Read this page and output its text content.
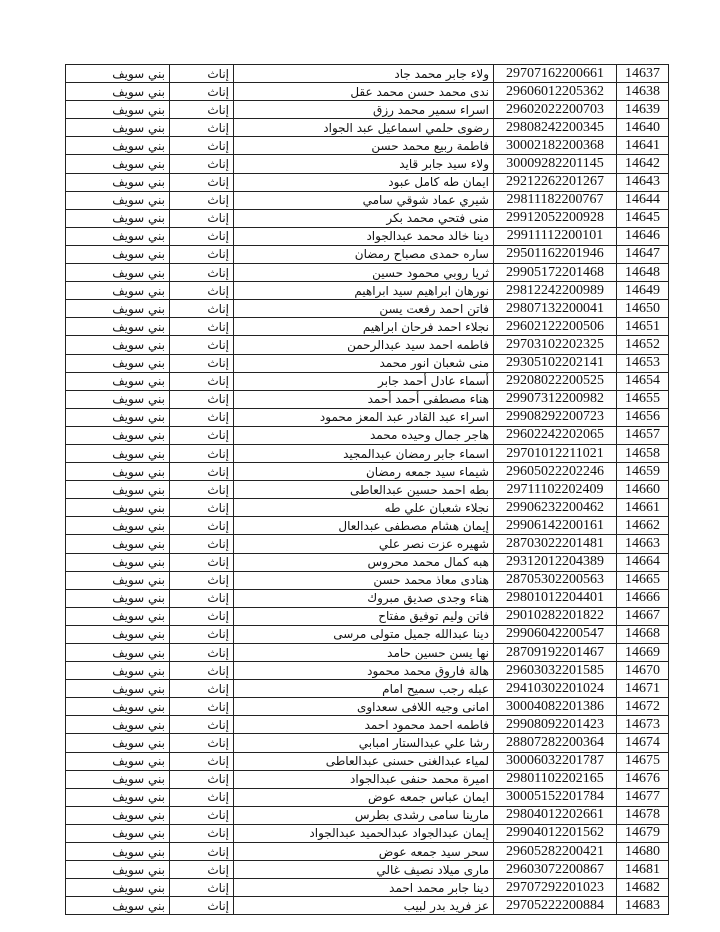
بني سويف	إناث	ولاء جابر محمد جاد	29707162200661	14637
بني سويف	إناث	ندى محمد حسن محمد عقل	29606012205362	14638
بني سويف	إناث	اسراء سمير محمد رزق	29602022200703	14639
بني سويف	إناث	رضوى حلمي اسماعيل عبد الجواد	29808242200345	14640
بني سويف	إناث	فاطمة ربيع محمد حسن	30002182200368	14641
بني سويف	إناث	ولاء سيد جابر قايد	30009282201145	14642
بني سويف	إناث	ايمان طه كامل عبود	29212262201267	14643
بني سويف	إناث	شيري عماد شوقي سامي	29811182200767	14644
بني سويف	إناث	منى فتحي محمد بكر	29912052200928	14645
بني سويف	إناث	دينا خالد محمد عبدالجواد	29911112200101	14646
بني سويف	إناث	ساره حمدى مصباح رمضان	29501162201946	14647
بني سويف	إناث	ثريا روبي محمود حسين	29905172201468	14648
بني سويف	إناث	نورهان ابراهيم سيد ابراهيم	29812242200989	14649
بني سويف	إناث	فاتن احمد رفعت يسن	29807132200041	14650
بني سويف	إناث	نجلاء احمد فرحان ابراهيم	29602122200506	14651
بني سويف	إناث	فاطمه احمد سيد عبدالرحمن	29703102202325	14652
بني سويف	إناث	منى شعبان انور محمد	29305102202141	14653
بني سويف	إناث	أسماء عادل أحمد جابر	29208022200525	14654
بني سويف	إناث	هناء مصطفى أحمد أحمد	29907312200982	14655
بني سويف	إناث	اسراء عبد القادر عبد المعز محمود	29908292200723	14656
بني سويف	إناث	هاجر جمال وحيده محمد	29602242202065	14657
بني سويف	إناث	اسماء جابر رمضان عبدالمجيد	29701012211021	14658
بني سويف	إناث	شيماء سيد جمعه رمضان	29605022202246	14659
بني سويف	إناث	بطه احمد حسين عبدالعاطى	29711102202409	14660
بني سويف	إناث	نجلاء شعبان علي طه	29906232200462	14661
بني سويف	إناث	إيمان هشام مصطفى عبدالعال	29906142200161	14662
بني سويف	إناث	شهيره عزت نصر علي	28703022201481	14663
بني سويف	إناث	هبه كمال محمد محروس	29312012204389	14664
بني سويف	إناث	هنادى معاذ محمد حسن	28705302200563	14665
بني سويف	إناث	هناء وجدى صديق مبروك	29801012204401	14666
بني سويف	إناث	فاتن وليم توفيق مفتاح	29010282201822	14667
بني سويف	إناث	دينا عبدالله جميل متولى مرسى	29906042200547	14668
بني سويف	إناث	نها يسن حسين حامد	28709192201467	14669
بني سويف	إناث	هالة فاروق محمد محمود	29603032201585	14670
بني سويف	إناث	عبله رجب سميح امام	29410302201024	14671
بني سويف	إناث	امانى وجيه اللافى سعداوى	30004082201386	14672
بني سويف	إناث	فاطمه احمد محمود احمد	29908092201423	14673
بني سويف	إناث	رشا علي عبدالستار امبابي	28807282200364	14674
بني سويف	إناث	لمياء عبدالغنى حسنى عبدالعاطى	30006032201787	14675
بني سويف	إناث	اميرة محمد حنفى عبدالجواد	29801102202165	14676
بني سويف	إناث	ايمان عباس جمعه عوض	30005152201784	14677
بني سويف	إناث	مارينا سامى رشدى بطرس	29804012202661	14678
بني سويف	إناث	إيمان عبدالجواد عبدالحميد عبدالجواد	29904012201562	14679
بني سويف	إناث	سحر سيد جمعه عوض	29605282200421	14680
بني سويف	إناث	مارى ميلاد نصيف غالي	29603072200867	14681
بني سويف	إناث	دينا جابر محمد احمد	29707292201023	14682
بني سويف	إناث	عز فريد بدر لبيب	29705222200884	14683
